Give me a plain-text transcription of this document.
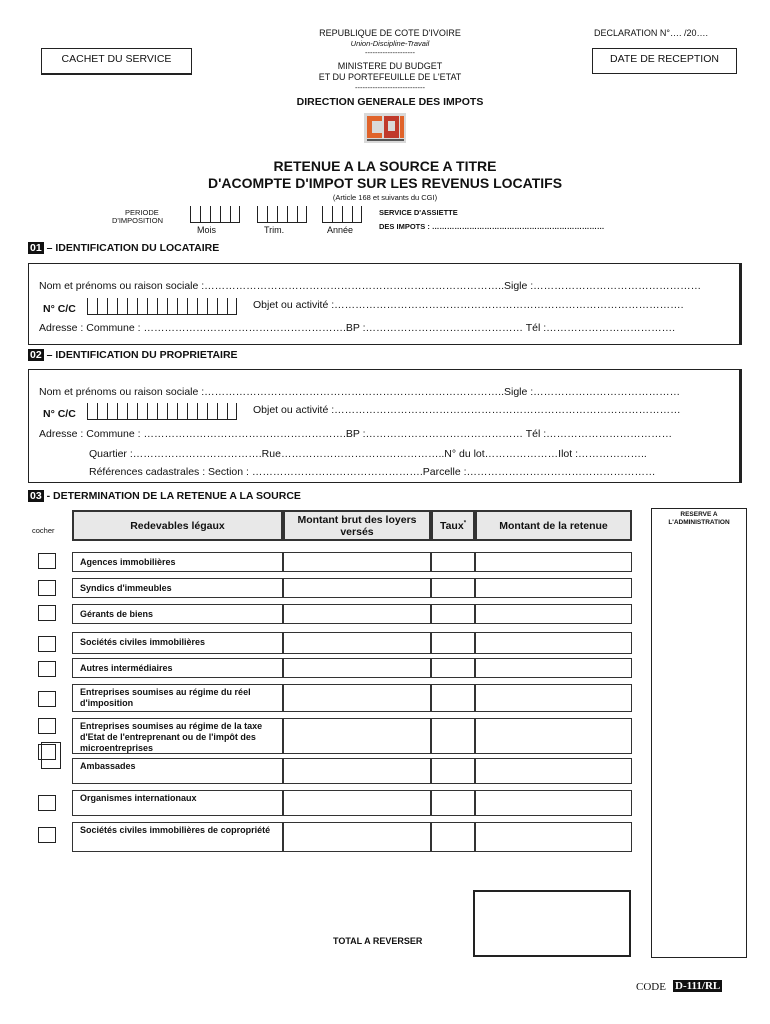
REPUBLIQUE DE COTE D'IVOIRE
Union-Discipline-Travail
--------------------
MINISTERE DU BUDGET
ET DU PORTEFEUILLE DE L'ETAT
----------------------------
DIRECTION GENERALE DES IMPOTS
DECLARATION N°…. /20….
CACHET DU SERVICE	DATE DE RECEPTION
RETENUE A LA SOURCE A TITRE
D'ACOMPTE D'IMPOT SUR LES REVENUS LOCATIFS
(Article 168 et suivants du CGI)
PERIODE
D'IMPOSITION
Mois	Trim.	Année
SERVICE D'ASSIETTE
DES IMPOTS : ……………………………………………………………
01 – IDENTIFICATION DU LOCATAIRE
Nom et prénoms ou raison sociale :…………………………………………………………………………..Sigle :…………………………………………
N° C/C	Objet ou activité :……………………………………………………………………………………….
Adresse : Commune : ………………………………………………….BP :……………………………………… Tél :……………………………….
02 – IDENTIFICATION DU PROPRIETAIRE
Nom et prénoms ou raison sociale :…………………………………………………………………………..Sigle :……………………………………
N° C/C	Objet ou activité :………………………………………………………………………………………
Adresse : Commune : ………………………………………………….BP :……………………………………… Tél :………………………………
Quartier :……………………………….Rue………………………………………..N° du lot…………………Ilot :………………..
Références cadastrales : Section : ………………………………………….Parcelle :………………………………………………
03 - DETERMINATION DE LA RETENUE A LA SOURCE
cocher	Redevables légaux	Montant brut des loyers versés	Taux*	Montant de la retenue
RESERVE A L'ADMINISTRATION
Agences immobilières
Syndics d'immeubles
Gérants de biens
Sociétés civiles immobilières
Autres intermédiaires
Entreprises soumises au régime du réel d'imposition
Entreprises soumises au régime de la taxe d'Etat de l'entreprenant ou de l'impôt des microentreprises
Ambassades
Organismes internationaux
Sociétés civiles immobilières de copropriété
TOTAL A REVERSER
CODE D-111/RL
